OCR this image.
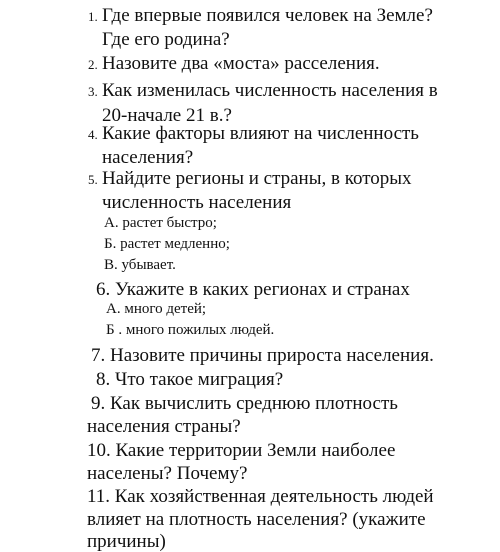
1. Где впервые появился человек на Земле?
Где его родина?
2. Назовите два «моста» расселения.
3. Как изменилась численность населения в
20-начале 21 в.?
4. Какие факторы влияют на численность
населения?
5. Найдите регионы и страны, в которых
численность населения
А. растет быстро;
Б. растет медленно;
В. убывает.
6. Укажите в каких регионах и странах
А. много детей;
Б . много пожилых людей.
7. Назовите причины прироста населения.
8. Что такое миграция?
9. Как вычислить среднюю плотность
населения страны?
10. Какие территории Земли наиболее
населены? Почему?
11. Как хозяйственная деятельность людей
влияет на плотность населения? (укажите
причины)
